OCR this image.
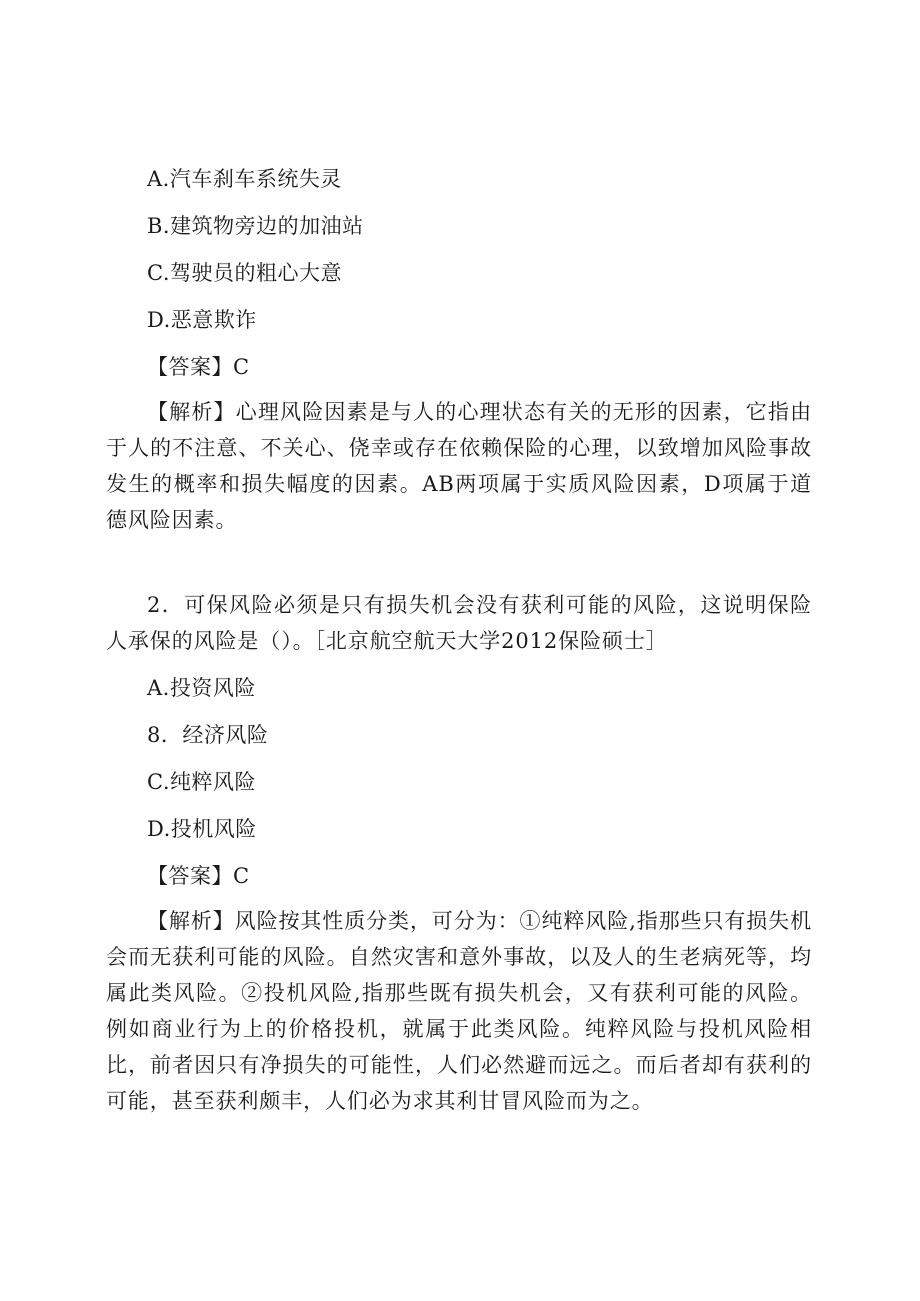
A.汽车刹车系统失灵
B.建筑物旁边的加油站
C.驾驶员的粗心大意
D.恶意欺诈
【答案】C

【解析】心理风险因素是与人的心理状态有关的无形的因素，它指由于人的不注意、不关心、侥幸或存在依赖保险的心理，以致增加风险事故发生的概率和损失幅度的因素。AB两项属于实质风险因素，D项属于道德风险因素。

2．可保风险必须是只有损失机会没有获利可能的风险，这说明保险人承保的风险是（）。［北京航空航天大学2012保险硕士］

A.投资风险
8．经济风险
C.纯粹风险
D.投机风险
【答案】C

【解析】风险按其性质分类，可分为：①纯粹风险,指那些只有损失机会而无获利可能的风险。自然灾害和意外事故，以及人的生老病死等，均属此类风险。②投机风险,指那些既有损失机会，又有获利可能的风险。例如商业行为上的价格投机，就属于此类风险。纯粹风险与投机风险相比，前者因只有净损失的可能性，人们必然避而远之。而后者却有获利的可能，甚至获利颇丰，人们必为求其利甘冒风险而为之。
